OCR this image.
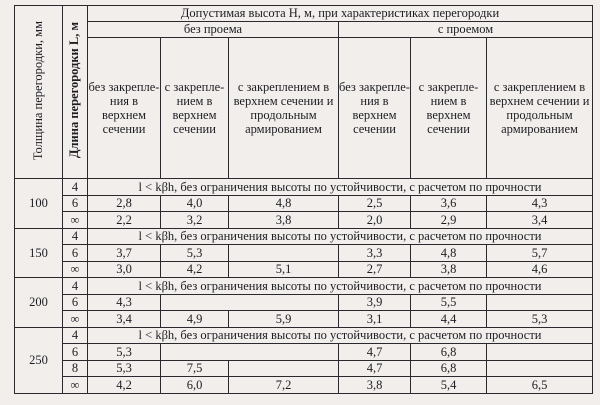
Толщина перегородки, мм	Длина перегородки L, м	Допустимая высота H, м, при характеристиках перегородки					
		без проема			с проемом		
		без закрепле-ния в верхнем сечении	с закрепле-нием в верхнем сечении	с закреплением в верхнем сечении и продольным армированием	без закрепле-ния в верхнем сечении	с закрепле-нием в верхнем сечении	с закреплением в верхнем сечении и продольным армированием
100	4	l < kβh, без ограничения высоты по устойчивости, с расчетом по прочности					
	6	2,8	4,0	4,8	2,5	3,6	4,3
	∞	2,2	3,2	3,8	2,0	2,9	3,4
150	4	l < kβh, без ограничения высоты по устойчивости, с расчетом по прочности					
	6	3,7	5,3		3,3	4,8	5,7
	∞	3,0	4,2	5,1	2,7	3,8	4,6
200	4	l < kβh, без ограничения высоты по устойчивости, с расчетом по прочности					
	6	4,3			3,9	5,5	
	∞	3,4	4,9	5,9	3,1	4,4	5,3
250	4	l < kβh, без ограничения высоты по устойчивости, с расчетом по прочности					
	6	5,3			4,7	6,8	
	8	5,3	7,5		4,7	6,8	
	∞	4,2	6,0	7,2	3,8	5,4	6,5
